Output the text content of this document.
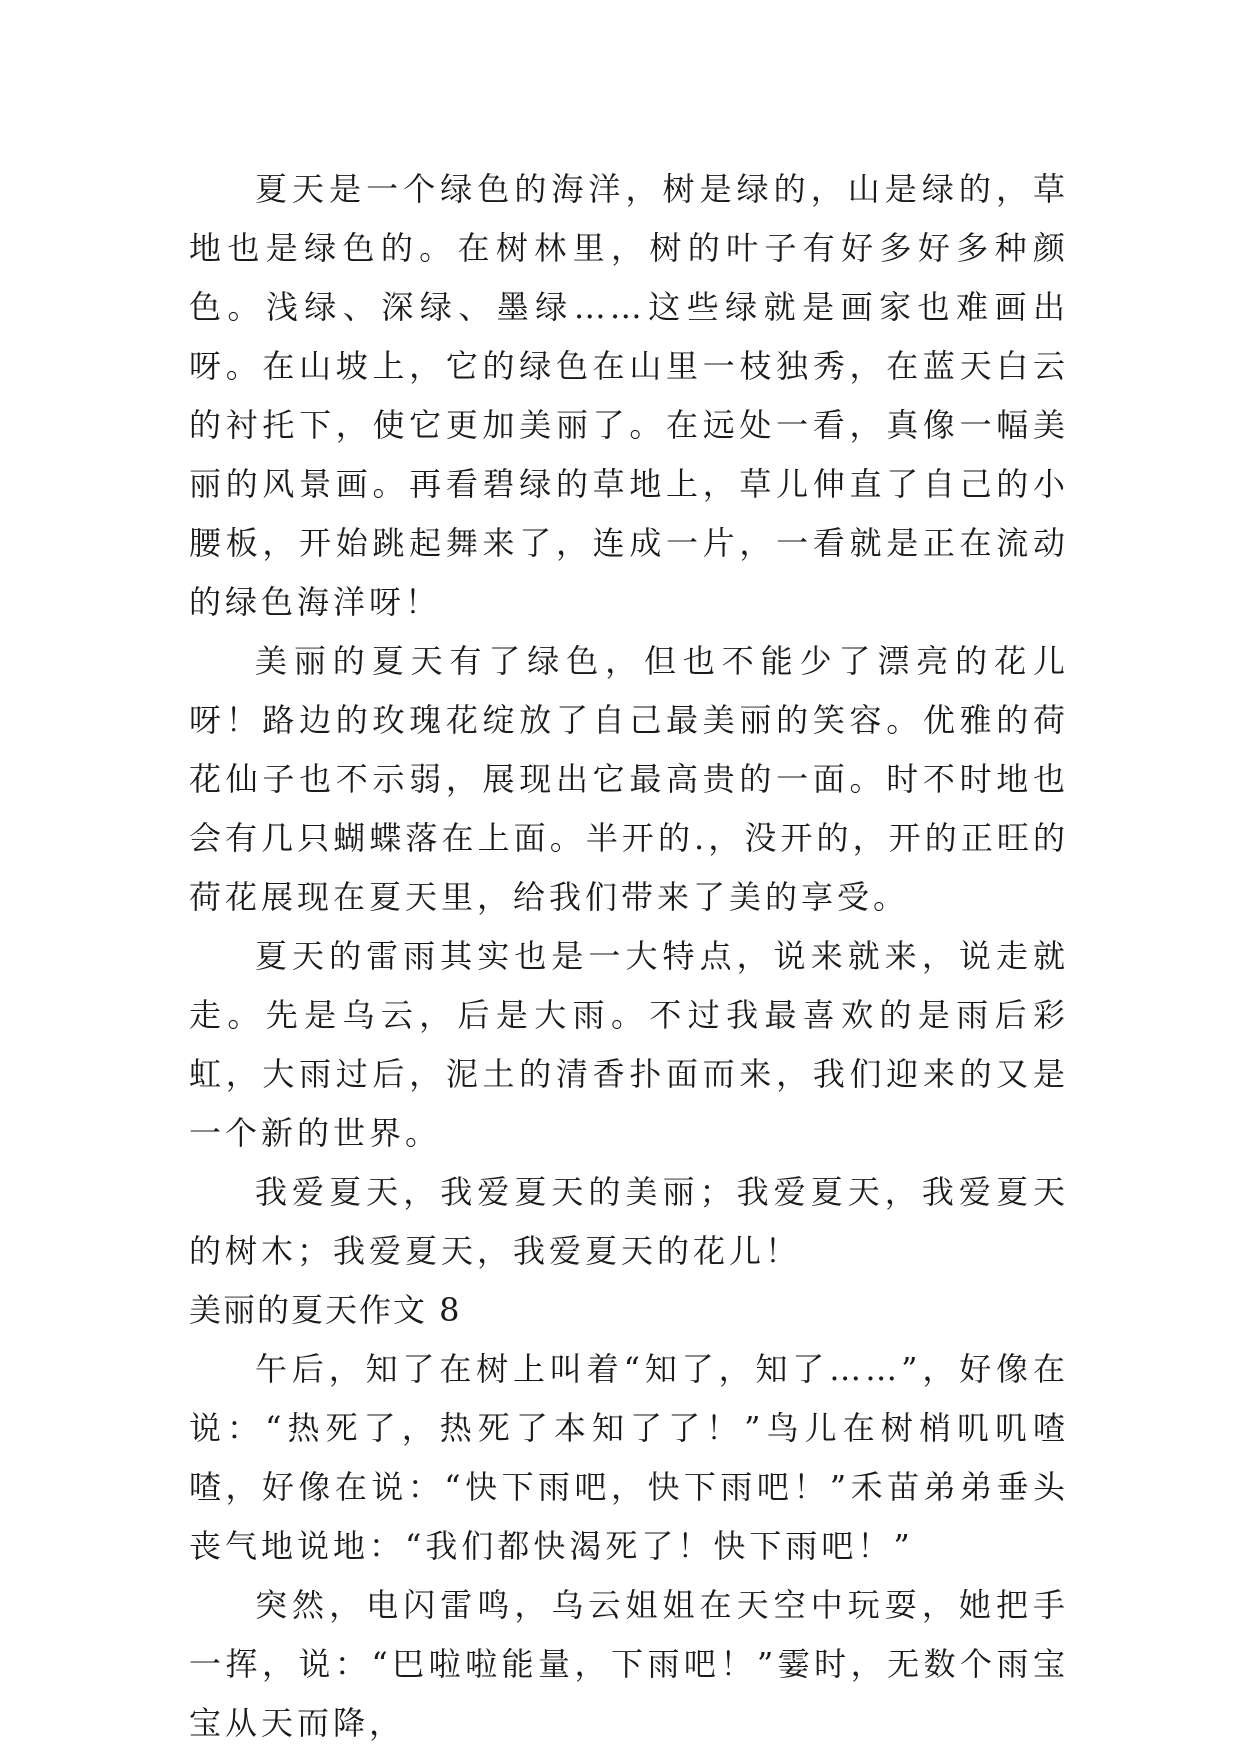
夏天是一个绿色的海洋，树是绿的，山是绿的，草地也是绿色的。在树林里，树的叶子有好多好多种颜色。浅绿、深绿、墨绿……这些绿就是画家也难画出呀。在山坡上，它的绿色在山里一枝独秀，在蓝天白云的衬托下，使它更加美丽了。在远处一看，真像一幅美丽的风景画。再看碧绿的草地上，草儿伸直了自己的小腰板，开始跳起舞来了，连成一片，一看就是正在流动的绿色海洋呀！

美丽的夏天有了绿色，但也不能少了漂亮的花儿呀！路边的玫瑰花绽放了自己最美丽的笑容。优雅的荷花仙子也不示弱，展现出它最高贵的一面。时不时地也会有几只蝴蝶落在上面。半开的.，没开的，开的正旺的荷花展现在夏天里，给我们带来了美的享受。

夏天的雷雨其实也是一大特点，说来就来，说走就走。先是乌云，后是大雨。不过我最喜欢的是雨后彩虹，大雨过后，泥土的清香扑面而来，我们迎来的又是一个新的世界。

我爱夏天，我爱夏天的美丽；我爱夏天，我爱夏天的树木；我爱夏天，我爱夏天的花儿！

美丽的夏天作文 8

午后，知了在树上叫着“知了，知了……”，好像在说：“热死了，热死了本知了了！”鸟儿在树梢叽叽喳喳，好像在说：“快下雨吧，快下雨吧！”禾苗弟弟垂头丧气地说地：“我们都快渴死了！快下雨吧！”

突然，电闪雷鸣，乌云姐姐在天空中玩耍，她把手一挥，说：“巴啦啦能量，下雨吧！”霎时，无数个雨宝宝从天而降，
